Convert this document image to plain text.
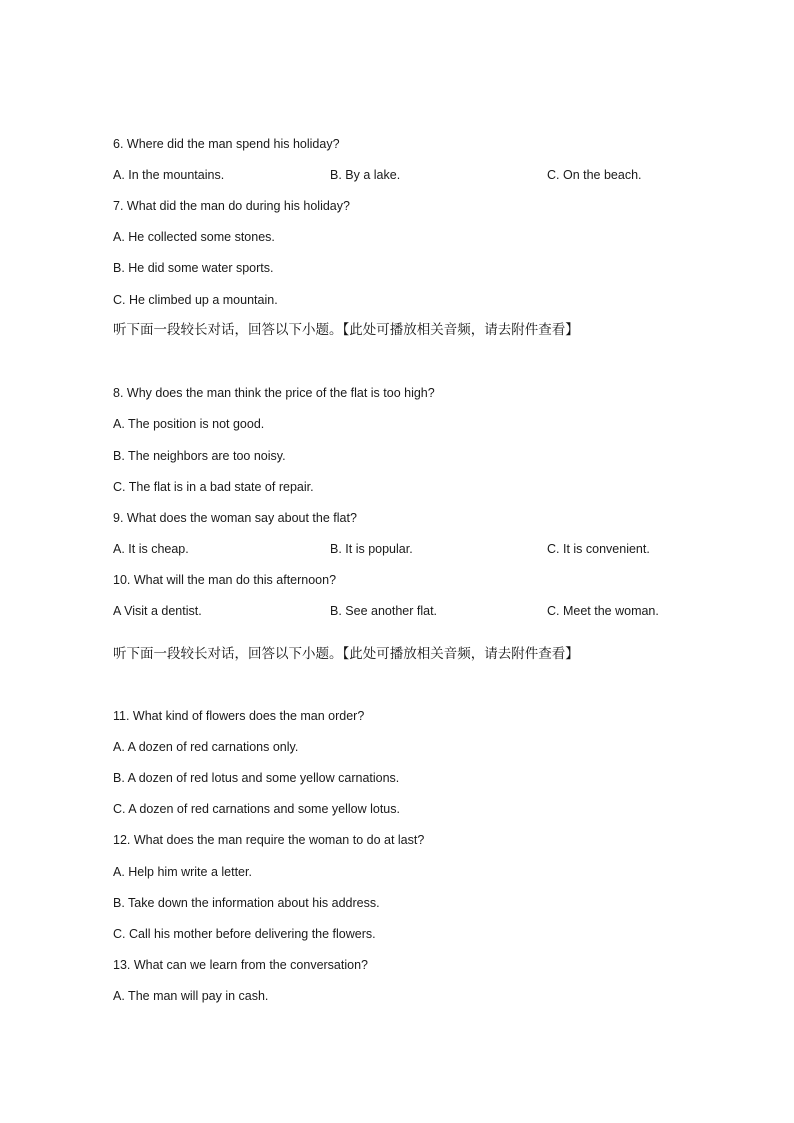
6. Where did the man spend his holiday?
A. In the mountains.	B. By a lake.	C. On the beach.
7. What did the man do during his holiday?
A. He collected some stones.
B. He did some water sports.
C. He climbed up a mountain.
听下面一段较长对话，回答以下小题。【此处可播放相关音频，请去附件查看】
8. Why does the man think the price of the flat is too high?
A. The position is not good.
B. The neighbors are too noisy.
C. The flat is in a bad state of repair.
9. What does the woman say about the flat?
A. It is cheap.	B. It is popular.	C. It is convenient.
10. What will the man do this afternoon?
A Visit a dentist.	B. See another flat.	C. Meet the woman.
听下面一段较长对话，回答以下小题。【此处可播放相关音频，请去附件查看】
11. What kind of flowers does the man order?
A. A dozen of red carnations only.
B. A dozen of red lotus and some yellow carnations.
C. A dozen of red carnations and some yellow lotus.
12. What does the man require the woman to do at last?
A. Help him write a letter.
B. Take down the information about his address.
C. Call his mother before delivering the flowers.
13. What can we learn from the conversation?
A. The man will pay in cash.
